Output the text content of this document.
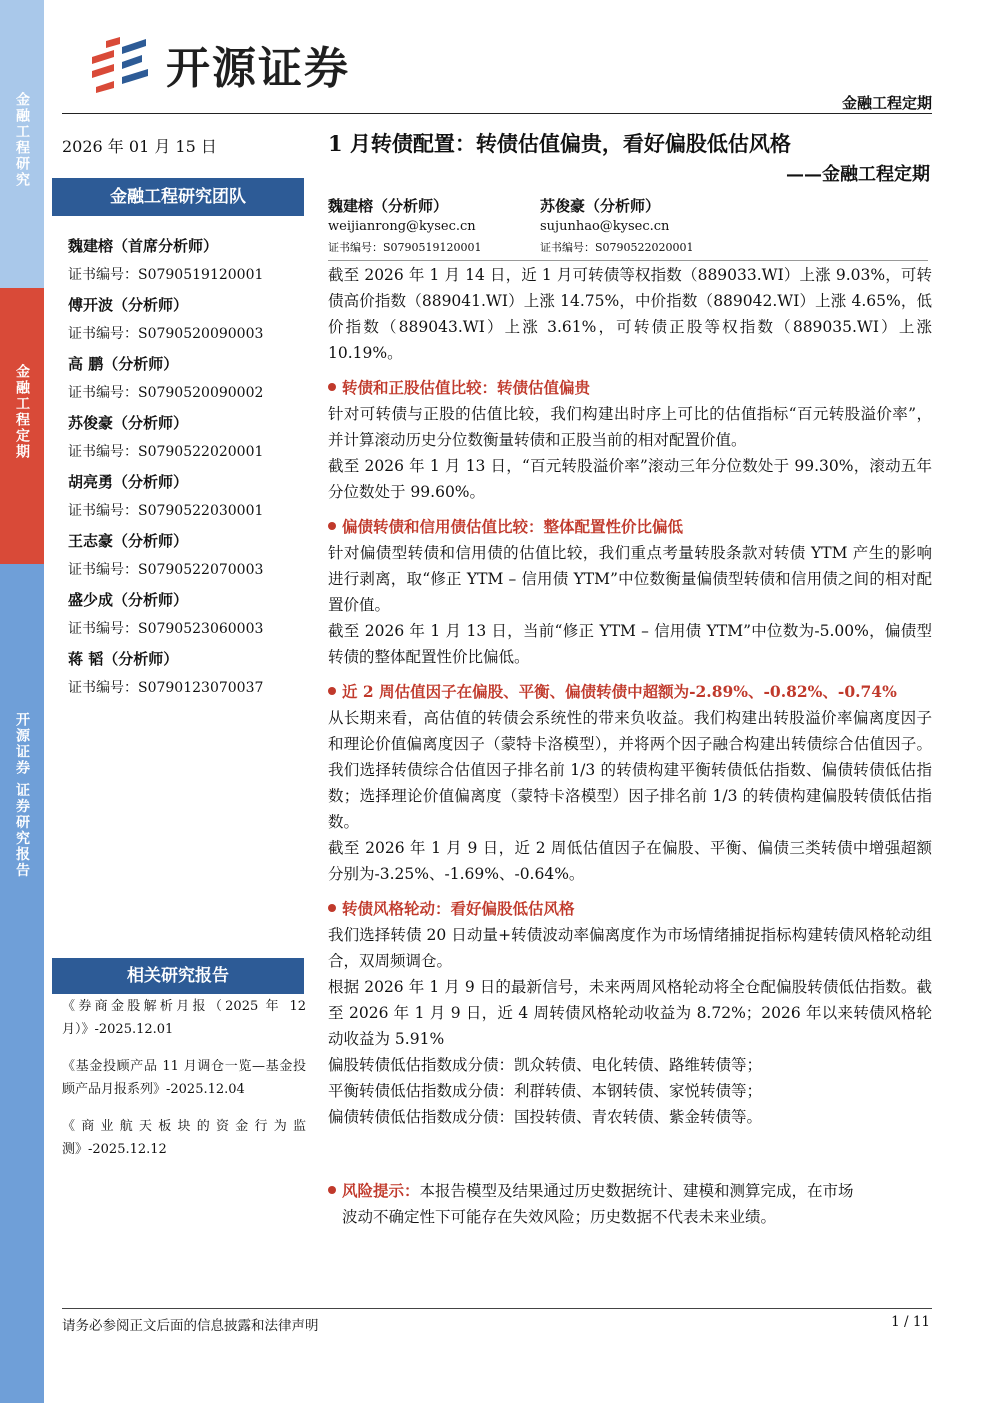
金融工程研究
金融工程定期
开源证券 证券研究报告
开源证券
金融工程定期
2026 年 01 月 15 日	1 月转债配置：转债估值偏贵，看好偏股低估风格
——金融工程定期
金融工程研究团队
魏建榕（首席分析师）
证书编号：S0790519120001
傅开波（分析师）
证书编号：S0790520090003
高 鹏（分析师）
证书编号：S0790520090002
苏俊豪（分析师）
证书编号：S0790522020001
胡亮勇（分析师）
证书编号：S0790522030001
王志豪（分析师）
证书编号：S0790522070003
盛少成（分析师）
证书编号：S0790523060003
蒋 韬（分析师）
证书编号：S0790123070037
魏建榕（分析师）
weijianrong@kysec.cn
证书编号：S0790519120001
苏俊豪（分析师）
sujunhao@kysec.cn
证书编号：S0790522020001
截至 2026 年 1 月 14 日，近 1 月可转债等权指数（889033.WI）上涨 9.03%，可转债高价指数（889041.WI）上涨 14.75%，中价指数（889042.WI）上涨 4.65%，低价指数（889043.WI）上涨 3.61%，可转债正股等权指数（889035.WI）上涨 10.19%。
转债和正股估值比较：转债估值偏贵
针对可转债与正股的估值比较，我们构建出时序上可比的估值指标“百元转股溢价率”，并计算滚动历史分位数衡量转债和正股当前的相对配置价值。
截至 2026 年 1 月 13 日，“百元转股溢价率”滚动三年分位数处于 99.30%，滚动五年分位数处于 99.60%。
偏债转债和信用债估值比较：整体配置性价比偏低
针对偏债型转债和信用债的估值比较，我们重点考量转股条款对转债 YTM 产生的影响进行剥离，取“修正 YTM – 信用债 YTM”中位数衡量偏债型转债和信用债之间的相对配置价值。
截至 2026 年 1 月 13 日，当前“修正 YTM – 信用债 YTM”中位数为-5.00%，偏债型转债的整体配置性价比偏低。
近 2 周估值因子在偏股、平衡、偏债转债中超额为-2.89%、-0.82%、-0.74%
从长期来看，高估值的转债会系统性的带来负收益。我们构建出转股溢价率偏离度因子和理论价值偏离度因子（蒙特卡洛模型），并将两个因子融合构建出转债综合估值因子。我们选择转债综合估值因子排名前 1/3 的转债构建平衡转债低估指数、偏债转债低估指数；选择理论价值偏离度（蒙特卡洛模型）因子排名前 1/3 的转债构建偏股转债低估指数。
截至 2026 年 1 月 9 日，近 2 周低估值因子在偏股、平衡、偏债三类转债中增强超额分别为-3.25%、-1.69%、-0.64%。
转债风格轮动：看好偏股低估风格
我们选择转债 20 日动量+转债波动率偏离度作为市场情绪捕捉指标构建转债风格轮动组合，双周频调仓。
根据 2026 年 1 月 9 日的最新信号，未来两周风格轮动将全仓配偏股转债低估指数。截至 2026 年 1 月 9 日，近 4 周转债风格轮动收益为 8.72%；2026 年以来转债风格轮动收益为 5.91%
偏股转债低估指数成分债：凯众转债、电化转债、路维转债等；
平衡转债低估指数成分债：利群转债、本钢转债、家悦转债等；
偏债转债低估指数成分债：国投转债、青农转债、紫金转债等。
风险提示：本报告模型及结果通过历史数据统计、建模和测算完成，在市场
波动不确定性下可能存在失效风险；历史数据不代表未来业绩。
相关研究报告
《券商金股解析月报（2025 年 12 月）》-2025.12.01
《基金投顾产品 11 月调仓一览—基金投顾产品月报系列》-2025.12.04
《商业航天板块的资金行为监测》-2025.12.12
请务必参阅正文后面的信息披露和法律声明	1 / 11
